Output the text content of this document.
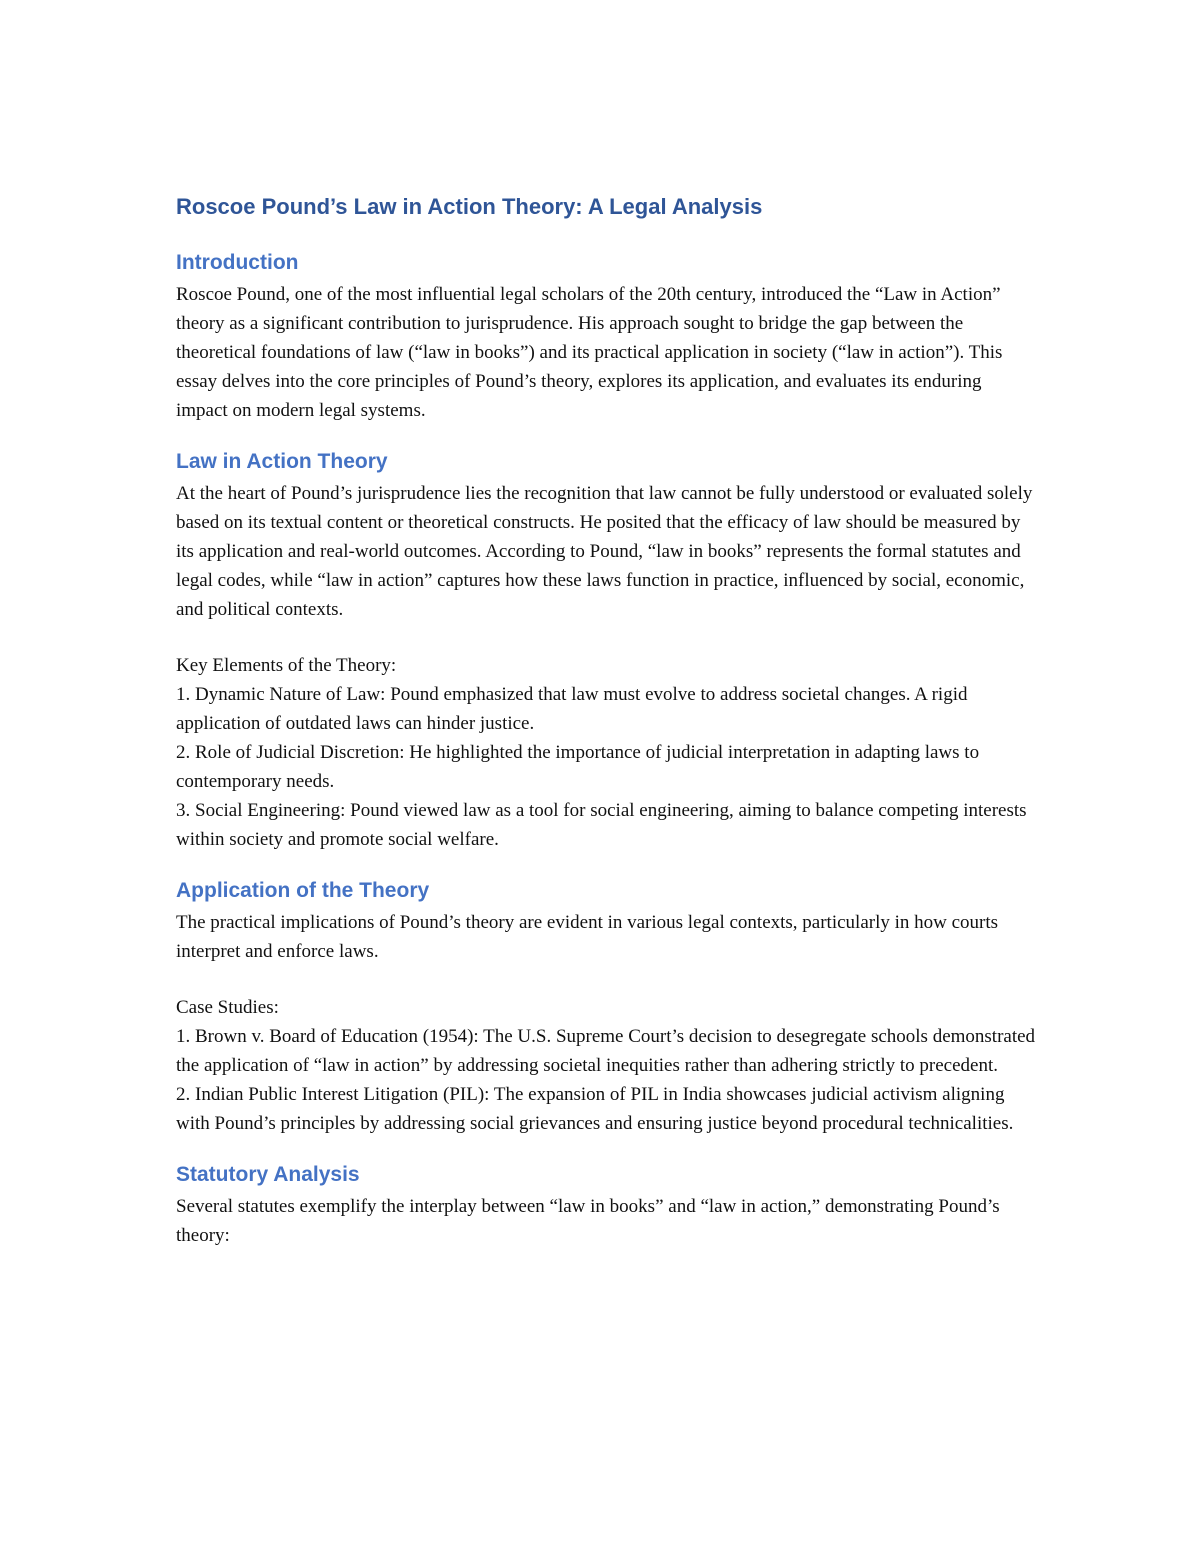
Roscoe Pound’s Law in Action Theory: A Legal Analysis
Introduction

Roscoe Pound, one of the most influential legal scholars of the 20th century, introduced the “Law in Action” theory as a significant contribution to jurisprudence. His approach sought to bridge the gap between the theoretical foundations of law (“law in books”) and its practical application in society (“law in action”). This essay delves into the core principles of Pound’s theory, explores its application, and evaluates its enduring impact on modern legal systems.

Law in Action Theory

At the heart of Pound’s jurisprudence lies the recognition that law cannot be fully understood or evaluated solely based on its textual content or theoretical constructs. He posited that the efficacy of law should be measured by its application and real-world outcomes. According to Pound, “law in books” represents the formal statutes and legal codes, while “law in action” captures how these laws function in practice, influenced by social, economic, and political contexts.

Key Elements of the Theory:

1. Dynamic Nature of Law: Pound emphasized that law must evolve to address societal changes. A rigid application of outdated laws can hinder justice.

2. Role of Judicial Discretion: He highlighted the importance of judicial interpretation in adapting laws to contemporary needs.

3. Social Engineering: Pound viewed law as a tool for social engineering, aiming to balance competing interests within society and promote social welfare.

Application of the Theory

The practical implications of Pound’s theory are evident in various legal contexts, particularly in how courts interpret and enforce laws.

Case Studies:

1. Brown v. Board of Education (1954): The U.S. Supreme Court’s decision to desegregate schools demonstrated the application of “law in action” by addressing societal inequities rather than adhering strictly to precedent.

2. Indian Public Interest Litigation (PIL): The expansion of PIL in India showcases judicial activism aligning with Pound’s principles by addressing social grievances and ensuring justice beyond procedural technicalities.

Statutory Analysis

Several statutes exemplify the interplay between “law in books” and “law in action,” demonstrating Pound’s theory:
